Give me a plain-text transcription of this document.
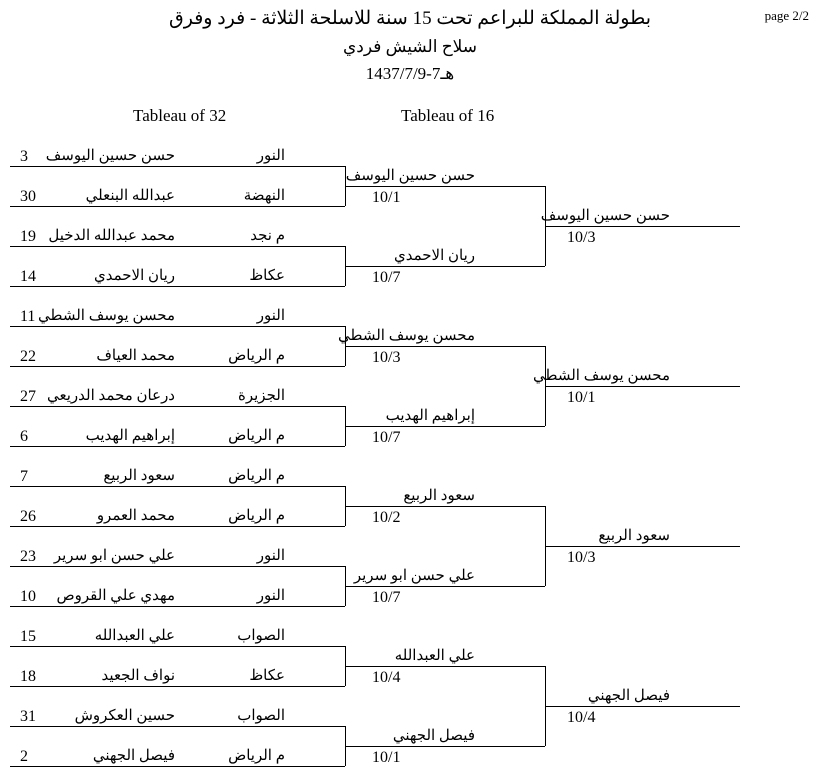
بطولة المملكة للبراعم تحت 15 سنة للاسلحة الثلاثة - فرد وفرق
سلاح الشيش فردي
1437/7/9-7هـ
page 2/2
Tableau of 32	Tableau of 16
3 حسن حسين اليوسف	النور
30	عبدالله البنعلي	النهضة
19 محمد عبدالله الدخيل	م نجد
14	ريان الاحمدي	عكاظ
11 محسن يوسف الشطي	النور
22	محمد العياف	م الرياض
27 درعان محمد الدريعي	الجزيرة
6	إبراهيم الهديب	م الرياض
7	سعود الربيع	م الرياض
26	محمد العمرو	م الرياض
23 علي حسن ابو سرير	النور
10 مهدي علي القروص	النور
15	علي العبدالله	الصواب
18	نواف الجعيد	عكاظ
31	حسين العكروش	الصواب
2	فيصل الجهني	م الرياض
حسن حسين اليوسف
10/1
ريان الاحمدي
10/7
محسن يوسف الشطي
10/3
إبراهيم الهديب
10/7
سعود الربيع
10/2
علي حسن ابو سرير
10/7
علي العبدالله
10/4
فيصل الجهني
10/1
حسن حسين اليوسف
10/3
محسن يوسف الشطي
10/1
سعود الربيع
10/3
فيصل الجهني
10/4
